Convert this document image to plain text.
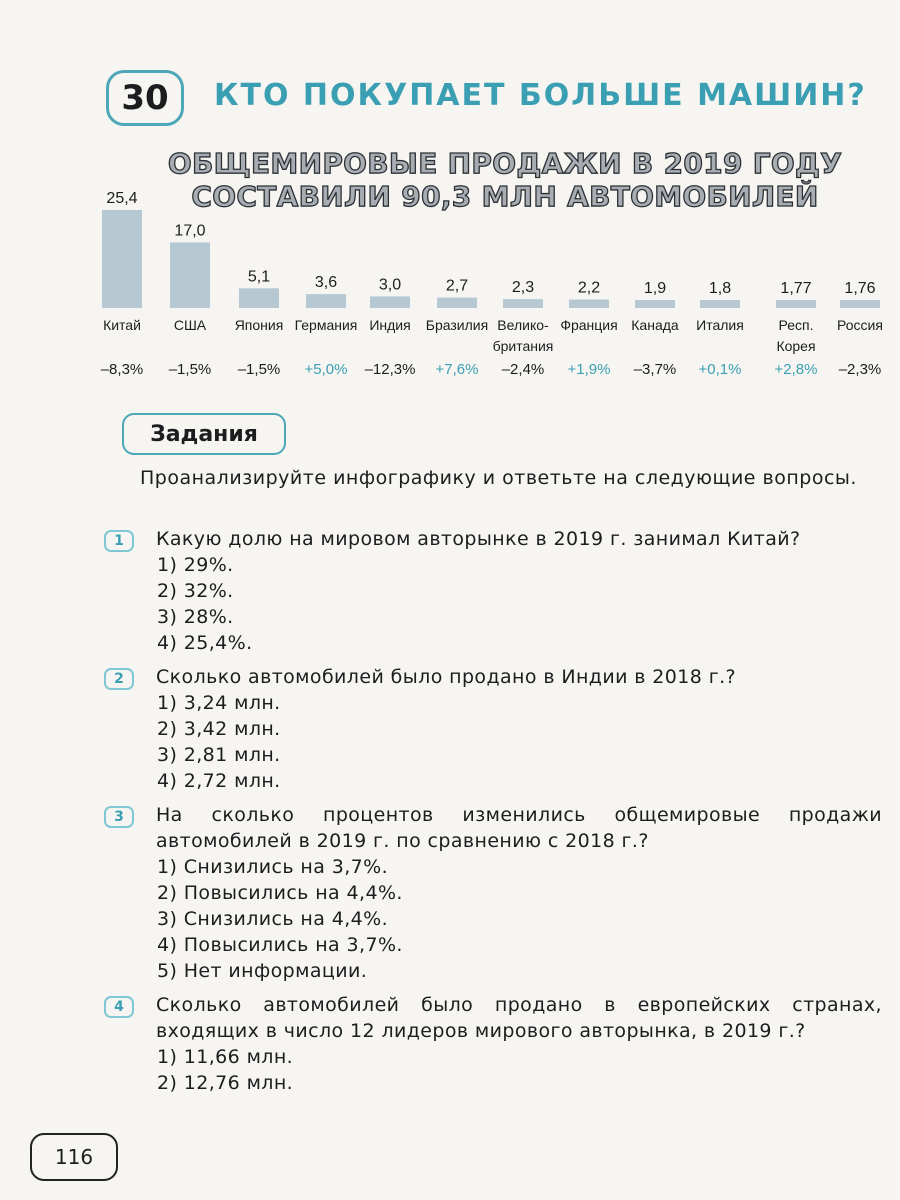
30 КТО ПОКУПАЕТ БОЛЬШЕ МАШИН?
ОБЩЕМИРОВЫЕ ПРОДАЖИ В 2019 ГОДУ
СОСТАВИЛИ 90,3 МЛН АВТОМОБИЛЕЙ
25,4
Китай
–8,3%
17,0
США
–1,5%
5,1
Япония
–1,5%
3,6
Германия
+5,0%
3,0
Индия
–12,3%
2,7
Бразилия
+7,6%
2,3
Велико-
британия
–2,4%
2,2
Франция
+1,9%
1,9
Канада
–3,7%
1,8
Италия
+0,1%
1,77
Респ.
Корея
+2,8%
1,76
Россия
–2,3%
Задания
Проанализируйте инфографику и ответьте на следующие вопросы.
1 Какую долю на мировом авторынке в 2019 г. занимал Китай?
1) 29%.
2) 32%.
3) 28%.
4) 25,4%.
2 Сколько автомобилей было продано в Индии в 2018 г.?
1) 3,24 млн.
2) 3,42 млн.
3) 2,81 млн.
4) 2,72 млн.
3 На сколько процентов изменились общемировые продажи автомобилей в 2019 г. по сравнению с 2018 г.?
1) Снизились на 3,7%.
2) Повысились на 4,4%.
3) Снизились на 4,4%.
4) Повысились на 3,7%.
5) Нет информации.
4 Сколько автомобилей было продано в европейских странах, входящих в число 12 лидеров мирового авторынка, в 2019 г.?
1) 11,66 млн.
2) 12,76 млн.
116
